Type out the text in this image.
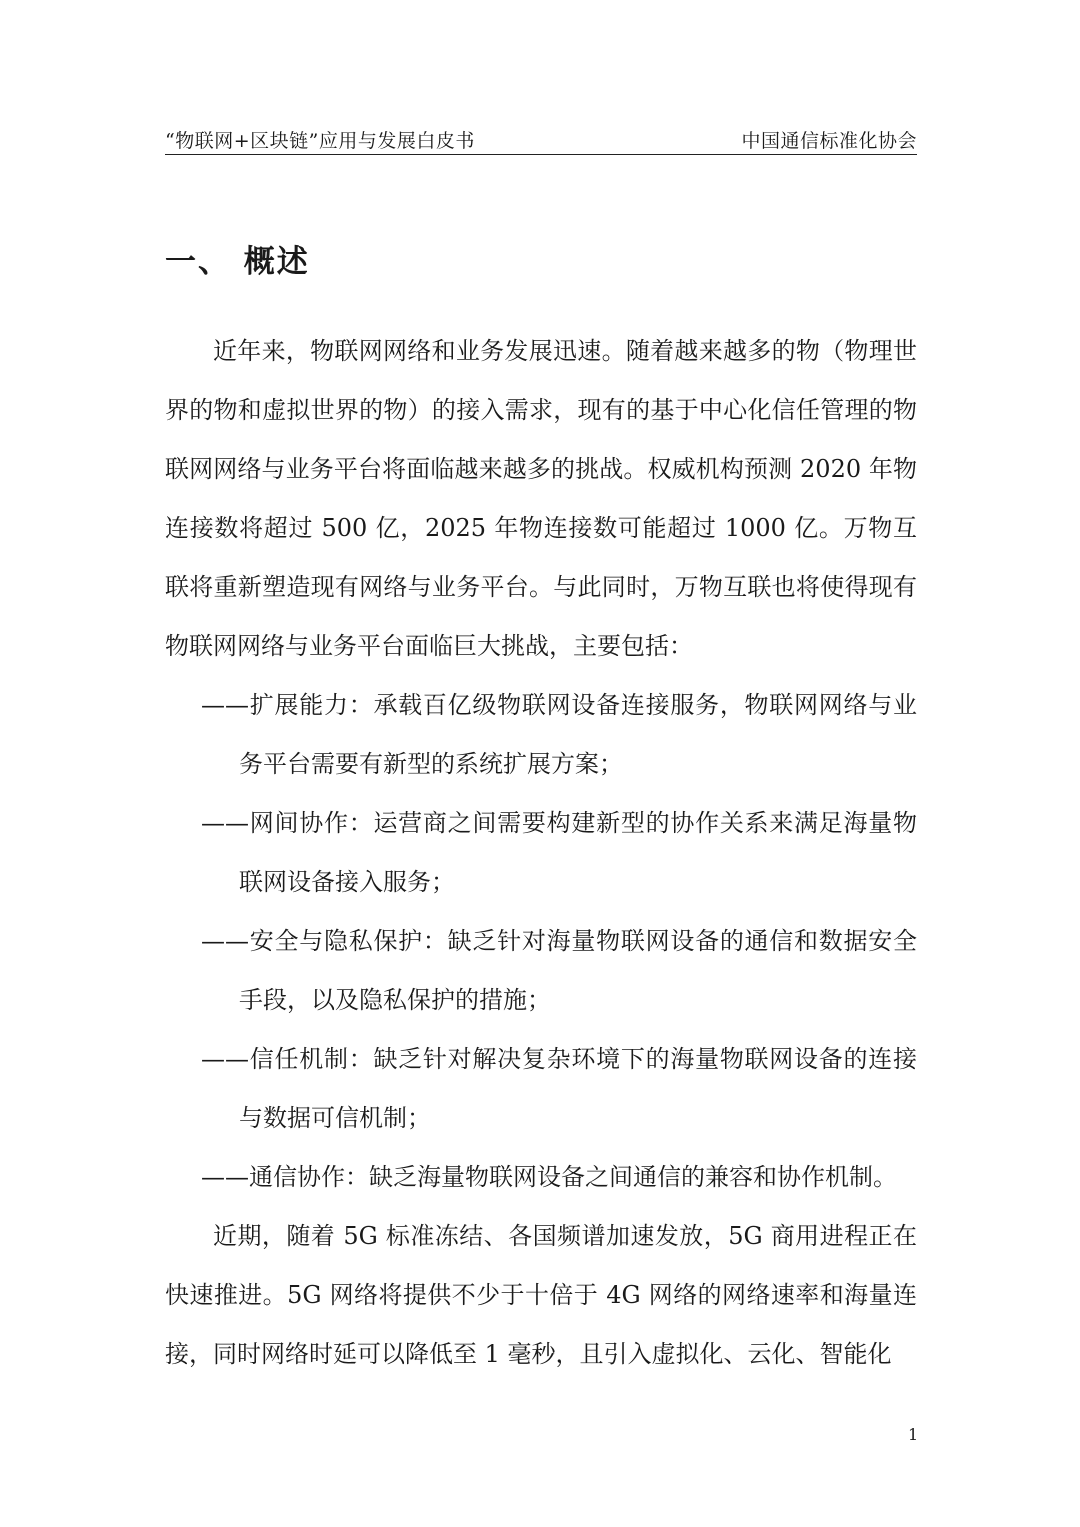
“物联网+区块链”应用与发展白皮书	中国通信标准化协会
一、 概述

近年来，物联网网络和业务发展迅速。随着越来越多的物（物理世界的物和虚拟世界的物）的接入需求，现有的基于中心化信任管理的物联网网络与业务平台将面临越来越多的挑战。权威机构预测 2020 年物连接数将超过 500 亿，2025 年物连接数可能超过 1000 亿。万物互联将重新塑造现有网络与业务平台。与此同时，万物互联也将使得现有物联网网络与业务平台面临巨大挑战，主要包括：

——扩展能力：承载百亿级物联网设备连接服务，物联网网络与业务平台需要有新型的系统扩展方案；
——网间协作：运营商之间需要构建新型的协作关系来满足海量物联网设备接入服务；
——安全与隐私保护：缺乏针对海量物联网设备的通信和数据安全手段，以及隐私保护的措施；
——信任机制：缺乏针对解决复杂环境下的海量物联网设备的连接与数据可信机制；
——通信协作：缺乏海量物联网设备之间通信的兼容和协作机制。

近期，随着 5G 标准冻结、各国频谱加速发放，5G 商用进程正在快速推进。5G 网络将提供不少于十倍于 4G 网络的网络速率和海量连接，同时网络时延可以降低至 1 毫秒，且引入虚拟化、云化、智能化

1
